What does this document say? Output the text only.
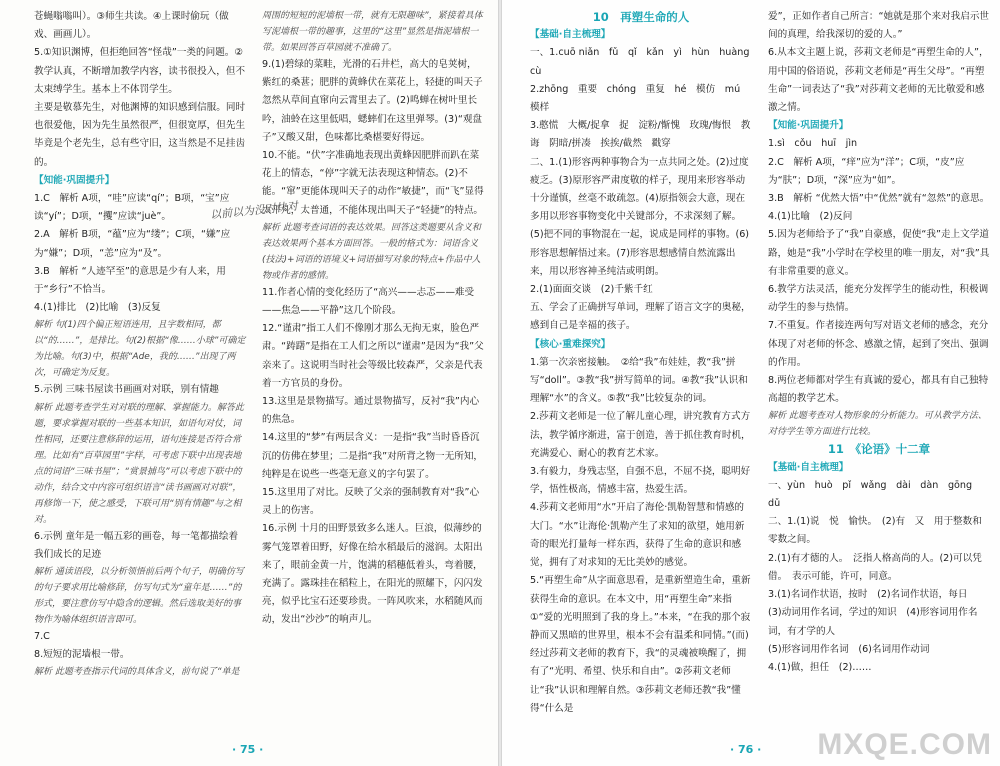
苍蝇嗡嗡叫）。③师生共读。④上课时偷玩（做戏、画画儿）。

5.①知识渊博，但拒绝回答“怪哉”一类的问题。②教学认真，不断增加教学内容，读书很投入，但不太束缚学生。基本上不体罚学生。

主要是敬慕先生，对他渊博的知识感到信服。同时也很爱他，因为先生虽然很严，但很宽厚，但先生毕竟是个老先生，总有些守旧，这当然是不足挂齿的。

【知能·巩固提升】

1.C　解析 A项，“哇”应读“qí”；B项，“宝”应读“yí”；D项，“攫”应读“juè”。

2.A　解析 B项，“蕴”应为“缕”；C项，“嫌”应为“嫌”；D项，“恙”应为“及”。

3.B　解析 “人迹罕至”的意思是少有人来，用于“乡行”不恰当。

4.(1)排比　(2)比喻　(3)反复

解析 句(1)四个偏正短语连用，且字数相同，都以“的……”，是排比。句(2)根据“像……小球”可确定为比喻。句(3)中，根据“Ade，我的……”出现了两次，可确定为反复。

5.示例 三味书屋读书画画对对联，别有情趣

解析 此题考查学生对对联的理解、掌握能力。解答此题，要求掌握对联的一些基本知识，如语句对仗，词性相同，还要注意修辞的运用，语句连接是否符合常理。比如有“百草园里”字样，可考虑下联中出现表地点的词语“三味书屋”；“赏景捕鸟”可以考虑下联中的动作，结合文中内容可组织语言“读书画画对对联”，再修饰一下，使之感受，下联可用“别有情趣”与之相对。

6.示例 童年是一幅五彩的画卷，每一笔都描绘着我们成长的足迹

解析 通读语段，以分析领悟前后两个句子，明确仿写的句子要求用比喻修辞，仿写句式为“童年是……”的形式，要注意仿写中隐含的逻辑。然后选取美好的事物作为喻体组织语言即可。

7.C

8.短短的泥墙根一带。

解析 此题考查指示代词的具体含义，前句说了“单是

周围的短短的泥墙根一带，就有无限趣味”，紧接着具体写泥墙根一带的趣事，这里的“这里”显然是指泥墙根一带。如果回答百草园就不准确了。

9.(1)碧绿的菜畦，光滑的石井栏，高大的皂荚树，紫红的桑葚；肥胖的黄蜂伏在菜花上，轻捷的叫天子忽然从草间直窜向云霄里去了。(2)鸣蝉在树叶里长吟，油蛉在这里低唱，蟋蟀们在这里弹琴。(3)“观盘子”又酸又甜，色味都比桑椹要好得远。

10.不能。“伏”字准确地表现出黄蜂因肥胖而趴在菜花上的情态，“停”字就无法表现这种情态。(2)不能。“窜”更能体现叫天子的动作“敏捷”，而“飞”显得太平凡，太普通，不能体现出叫天子“轻捷”的特点。

解析 此题考查词语的表达效果。回答这类题要从含义和表达效果两个基本方面回答。一般的格式为：词语含义(技法)+词语的语境义+词语描写对象的特点+作品中人物或作者的感情。

11.作者心情的变化经历了“高兴——忐忑——难受——焦急——平静”这几个阶段。

12.“谨肃”指工人们不像刚才那么无拘无束，脸色严肃。“踌躇”是指在工人们之所以“谨肃”是因为“我”父亲来了。这说明当时社会等级比较森严，父亲是代表着一方官员的身份。

13.这里是景物描写。通过景物描写，反衬“我”内心的焦急。

14.这里的“梦”有两层含义：一是指“我”当时昏昏沉沉的仿佛在梦里；二是指“我”对所背之物一无所知，纯粹是在说些一些毫无意义的字句罢了。

15.这里用了对比。反映了父亲的强制教育对“我”心灵上的伤害。

16.示例 十月的田野景致多么迷人。巨浪，似薄纱的雾气笼罩着田野，好像在给水稻最后的滋润。太阳出来了，眼前金黄一片，饱满的稻穗低着头，弯着腰，充满了。露珠挂在稻粒上，在阳光的照耀下，闪闪发亮，似乎比宝石还要珍贵。一阵风吹来，水稻随风而动，发出“沙沙”的响声儿。

以前以为没对快对
· 75 ·

10　再塑生命的人

【基础·自主梳理】

一、1.cuō niǎn　fǔ　qǐ　kǎn　yì　hùn　huàng　cù

2.zhōng　重要　chóng　重复　hé　模仿　mú　模样

3.憨慌　大概/捉拿　捉　淀粉/惭愧　玫瑰/悔恨　教诲　阴暗/拼凑　挨挨/截然　戳穿

二、1.(1)形容两种事物合为一点共同之处。(2)过度疲乏。(3)原形容严肃度敬的样子，现用来形容举动十分谨慎，丝毫不敢疏忽。(4)原指领会大意，现在多用以形容事物变化中关键部分，不求深刻了解。(5)把不同的事物混在一起，说成是同样的事物。(6)形容思想解悟过来。(7)形容思想感情自然流露出来，用以形容神圣纯洁或明朗。

2.(1)面面交谈　(2)千紫千红

五、学会了正确拼写单词，理解了语言文字的奥秘，感到自己是幸福的孩子。

【核心·重难探究】

1.第一次亲密接触。　②给“我”布娃娃，教“我”拼写“doll”。③教“我”拼写简单的词。④教“我”认识和理解“水”的含义。⑤教“我”比较复杂的词。

2.莎莉文老师是一位了解儿童心理，讲究教育方式方法，教学循序渐进，富于创造，善于抓住教育时机，充满爱心、耐心的教育艺术家。

3.有毅力，身残志坚，自强不息，不屈不挠，聪明好学，悟性极高，情感丰富，热爱生活。

4.莎莉文老师用“水”开启了海伦·凯勒智慧和情感的大门。“水”让海伦·凯勒产生了求知的欲望，她用新奇的眼光打量每一样东西，获得了生命的意识和感觉，拥有了对求知的无比美妙的感觉。

5.“再塑生命”从字面意思看，是重新塑造生命，重新获得生命的意识。在本文中，用“再塑生命”来指①“爱的光明照到了我的身上。”本来，“在我的那个寂静而又黑暗的世界里，根本不会有温柔和同情。”(而)经过莎莉文老师的教育下，我“的灵魂被唤醒了，拥有了“光明、希望、快乐和自由”。②莎莉文老师让“我”认识和理解自然。③莎莉文老师还教“我”懂得“什么是

爱”，正如作者自己所言：“她就是那个来对我启示世间的真理，给我深切的爱的人。”

6.从本文主题上说，莎莉文老师是“再塑生命的人”，用中国的俗语说，莎莉文老师是“再生父母”。“再塑生命”一词表达了“我”对莎莉文老师的无比敬爱和感激之情。

【知能·巩固提升】

1.sì　cǒu　huī　jìn

2.C　解析 A项，“痒”应为“洋”；C项，“皮”应为“肤”；D项，“深”应为“如”。

3.B　解析 “优然大悟”中“优然”就有“忽然”的意思。

4.(1)比喻　(2)反问

5.因为老师给予了“我”自豪感，促使“我”走上文学道路，她是“我”小学时在学校里的唯一朋友，对“我”具有非常重要的意义。

6.教学方法灵活，能充分发挥学生的能动性，积极调动学生的参与热情。

7.不重复。作者接连两句写对语文老师的感念，充分体现了对老师的怀念、感激之情，起到了突出、强调的作用。

8.两位老师都对学生有真诚的爱心，都具有自己独特高超的教学艺术。

解析 此题考查对人物形象的分析能力。可从教学方法、对待学生等方面进行比较。

11　《论语》十二章

【基础·自主梳理】

一、yùn　huò　pǐ　wǎng　dài　dàn　gōng　dǔ

二、1.(1)说　悦　愉快。　(2)有　又　用于整数和零数之间。

2.(1)有才德的人。　泛指人格高尚的人。(2)可以凭借。　表示可能，许可，同意。

3.(1)名词作状语，按时　(2)名词作状语，每日　(3)动词用作名词，学过的知识　(4)形容词用作名词，有才学的人

(5)形容词用作名词　(6)名词用作动词

4.(1)做，担任　(2)……

· 76 · MXQE.COM
